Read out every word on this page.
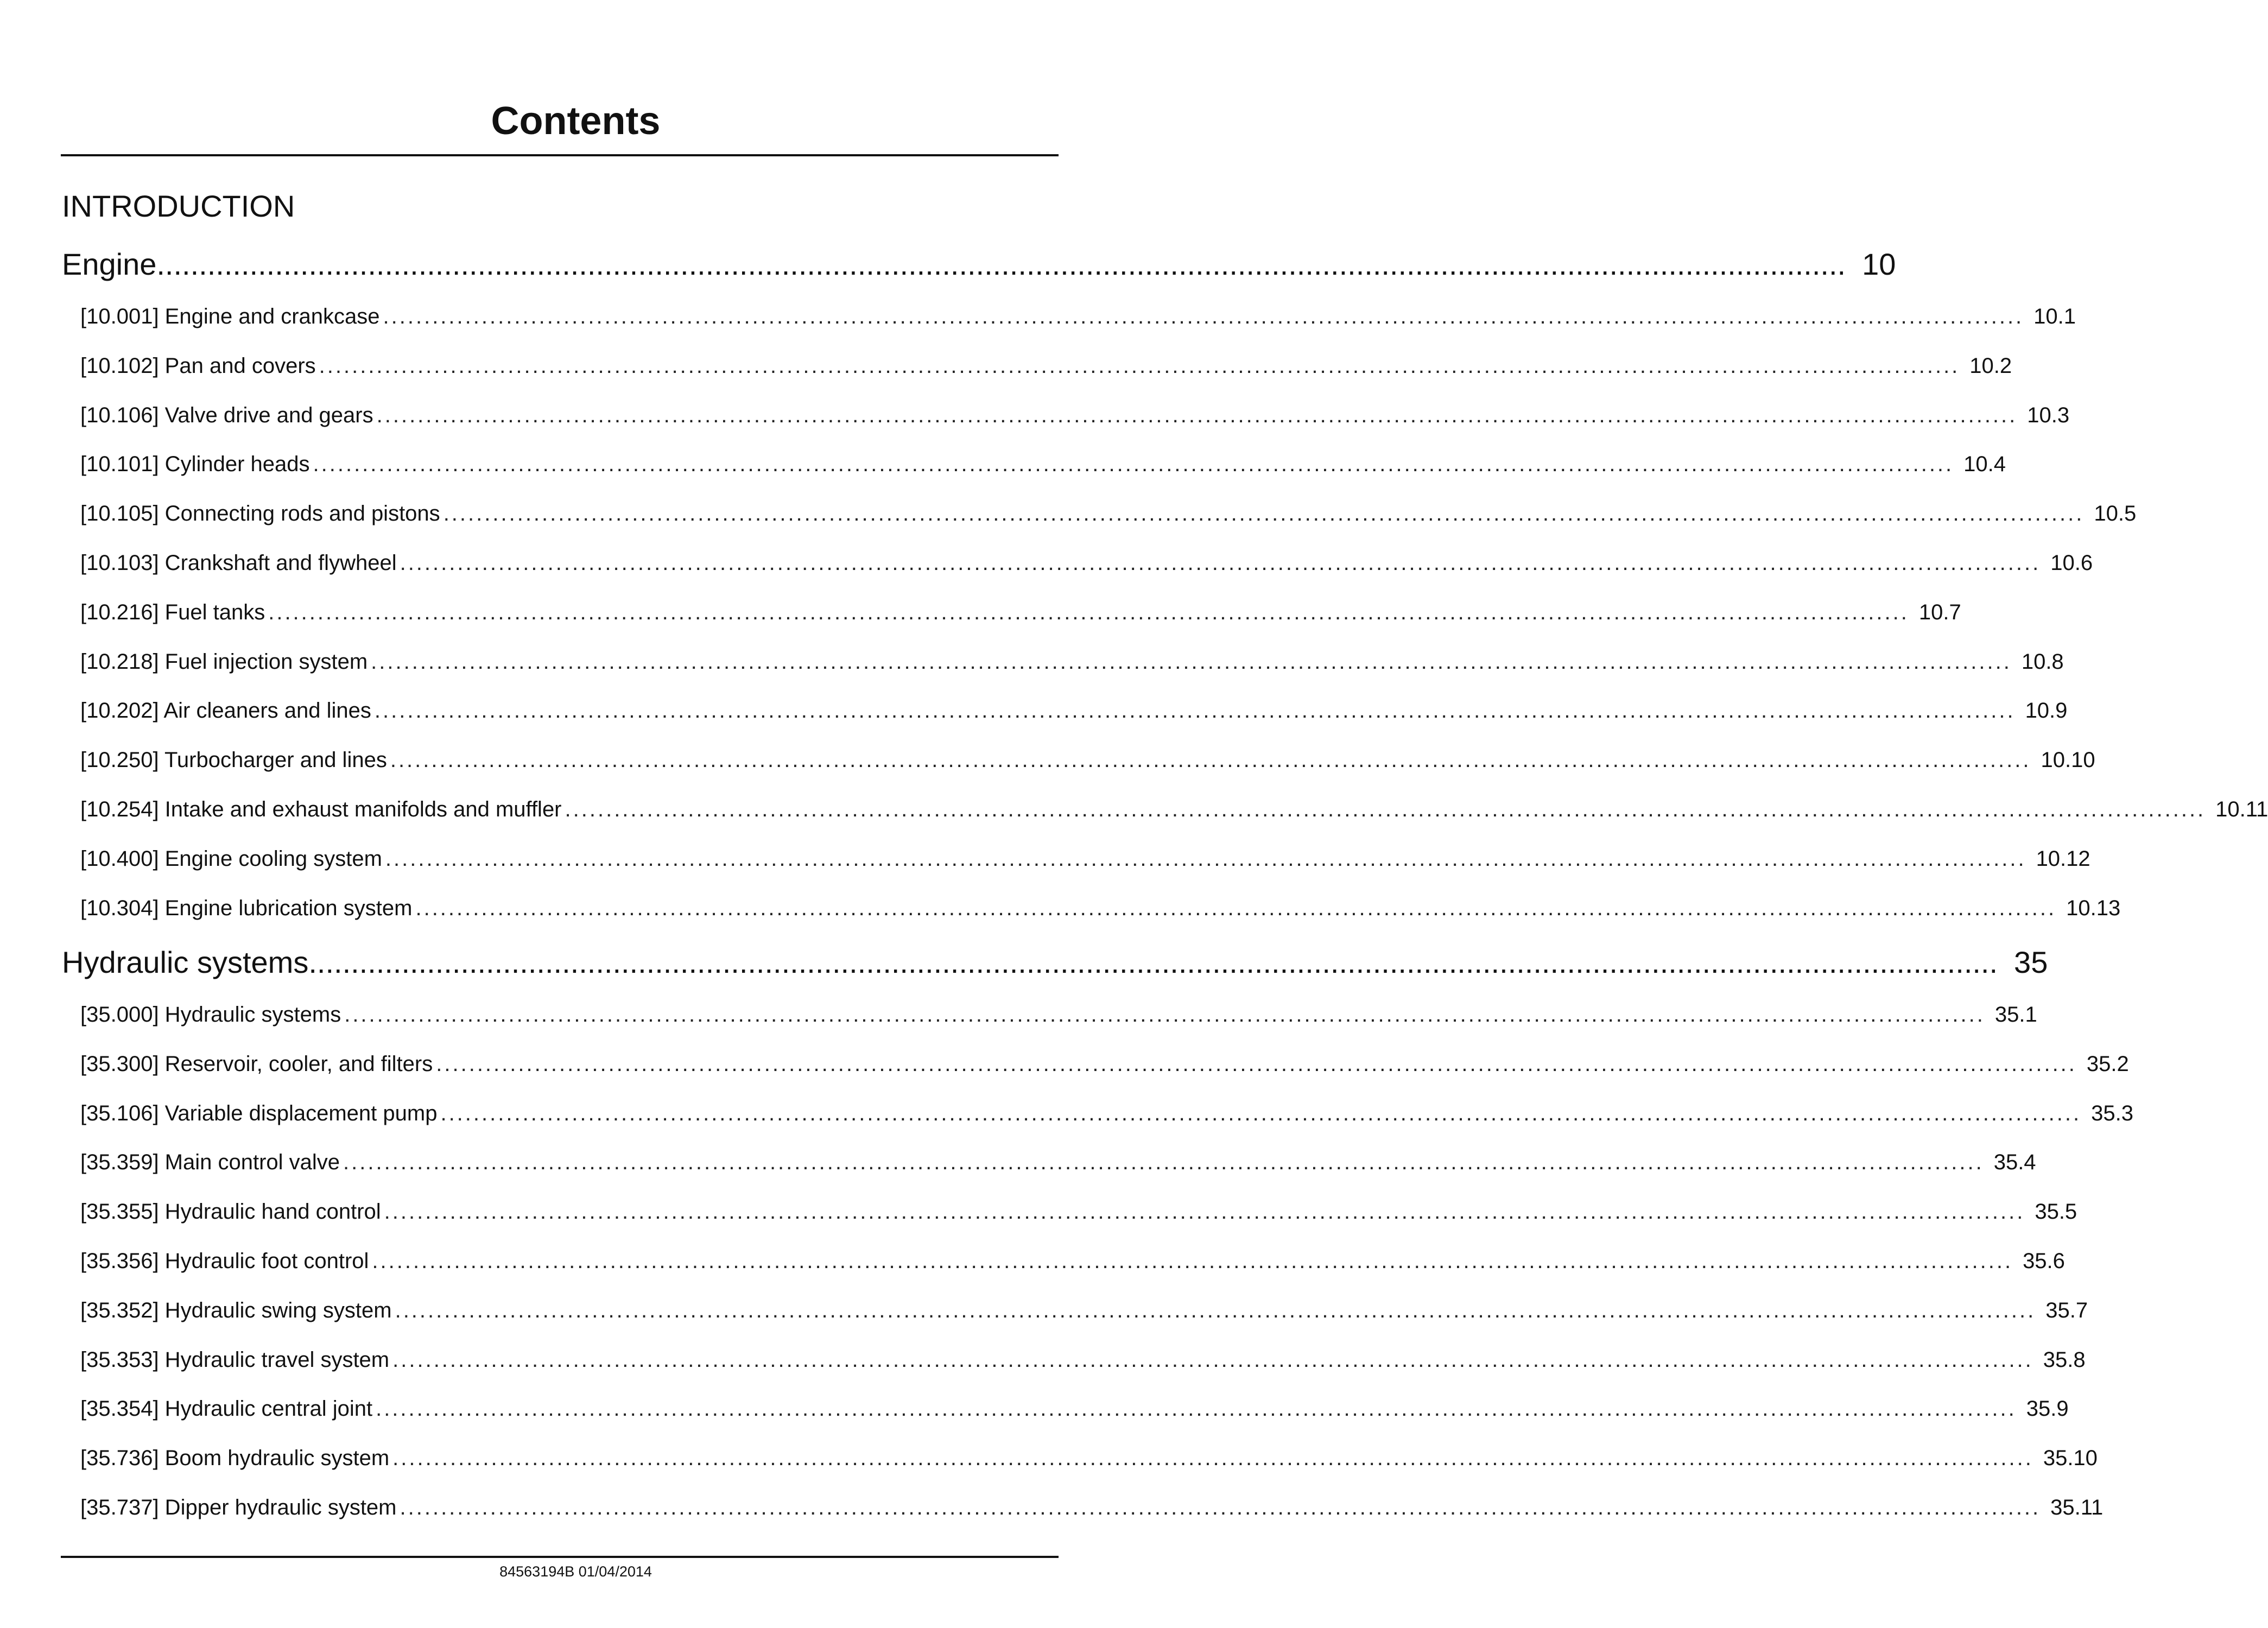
Contents
INTRODUCTION
Engine ........................................................................................................................................................................................................ 10
[10.001] Engine and crankcase ........................................................................................................................................................................................................ 10.1
[10.102] Pan and covers ........................................................................................................................................................................................................ 10.2
[10.106] Valve drive and gears ........................................................................................................................................................................................................ 10.3
[10.101] Cylinder heads ........................................................................................................................................................................................................ 10.4
[10.105] Connecting rods and pistons ........................................................................................................................................................................................................ 10.5
[10.103] Crankshaft and flywheel ........................................................................................................................................................................................................ 10.6
[10.216] Fuel tanks ........................................................................................................................................................................................................ 10.7
[10.218] Fuel injection system ........................................................................................................................................................................................................ 10.8
[10.202] Air cleaners and lines ........................................................................................................................................................................................................ 10.9
[10.250] Turbocharger and lines ........................................................................................................................................................................................................ 10.10
[10.254] Intake and exhaust manifolds and muffler ........................................................................................................................................................................................................ 10.11
[10.400] Engine cooling system ........................................................................................................................................................................................................ 10.12
[10.304] Engine lubrication system ........................................................................................................................................................................................................ 10.13
Hydraulic systems ........................................................................................................................................................................................................ 35
[35.000] Hydraulic systems ........................................................................................................................................................................................................ 35.1
[35.300] Reservoir, cooler, and filters ........................................................................................................................................................................................................ 35.2
[35.106] Variable displacement pump ........................................................................................................................................................................................................ 35.3
[35.359] Main control valve ........................................................................................................................................................................................................ 35.4
[35.355] Hydraulic hand control ........................................................................................................................................................................................................ 35.5
[35.356] Hydraulic foot control ........................................................................................................................................................................................................ 35.6
[35.352] Hydraulic swing system ........................................................................................................................................................................................................ 35.7
[35.353] Hydraulic travel system ........................................................................................................................................................................................................ 35.8
[35.354] Hydraulic central joint ........................................................................................................................................................................................................ 35.9
[35.736] Boom hydraulic system ........................................................................................................................................................................................................ 35.10
[35.737] Dipper hydraulic system ........................................................................................................................................................................................................ 35.11
84563194B 01/04/2014
